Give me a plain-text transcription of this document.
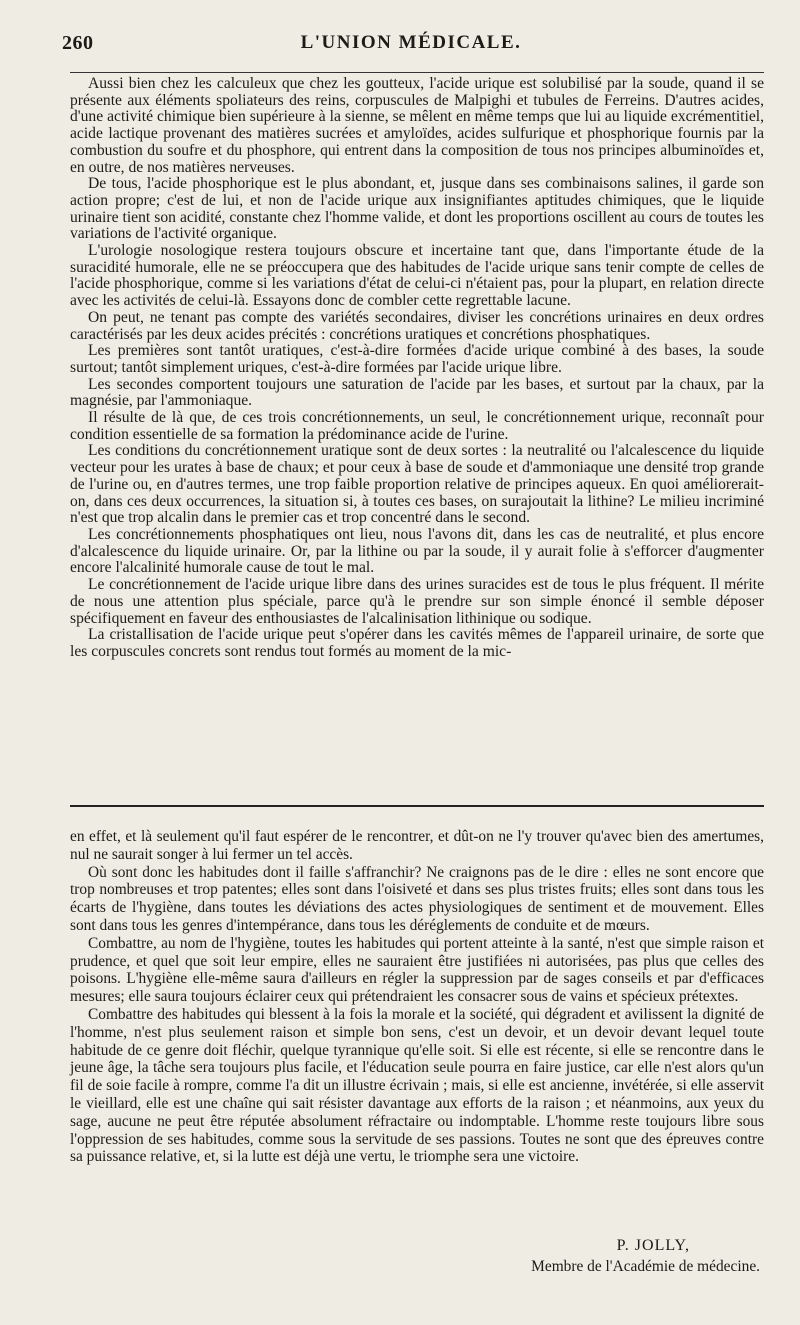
260	L'UNION MÉDICALE.

Aussi bien chez les calculeux que chez les goutteux, l'acide urique est solubilisé par la soude, quand il se présente aux éléments spoliateurs des reins, corpuscules de Malpighi et tubules de Ferreins. D'autres acides, d'une activité chimique bien supérieure à la sienne, se mêlent en même temps que lui au liquide excrémentitiel, acide lactique provenant des matières sucrées et amyloïdes, acides sulfurique et phosphorique fournis par la combustion du soufre et du phosphore, qui entrent dans la composition de tous nos principes albuminoïdes et, en outre, de nos matières nerveuses.

De tous, l'acide phosphorique est le plus abondant, et, jusque dans ses combinaisons salines, il garde son action propre; c'est de lui, et non de l'acide urique aux insignifiantes aptitudes chimiques, que le liquide urinaire tient son acidité, constante chez l'homme valide, et dont les proportions oscillent au cours de toutes les variations de l'activité organique.

L'urologie nosologique restera toujours obscure et incertaine tant que, dans l'importante étude de la suracidité humorale, elle ne se préoccupera que des habitudes de l'acide urique sans tenir compte de celles de l'acide phosphorique, comme si les variations d'état de celui-ci n'étaient pas, pour la plupart, en relation directe avec les activités de celui-là. Essayons donc de combler cette regrettable lacune.

On peut, ne tenant pas compte des variétés secondaires, diviser les concrétions urinaires en deux ordres caractérisés par les deux acides précités : concrétions uratiques et concrétions phosphatiques.

Les premières sont tantôt uratiques, c'est-à-dire formées d'acide urique combiné à des bases, la soude surtout; tantôt simplement uriques, c'est-à-dire formées par l'acide urique libre.

Les secondes comportent toujours une saturation de l'acide par les bases, et surtout par la chaux, par la magnésie, par l'ammoniaque.

Il résulte de là que, de ces trois concrétionnements, un seul, le concrétionnement urique, reconnaît pour condition essentielle de sa formation la prédominance acide de l'urine.

Les conditions du concrétionnement uratique sont de deux sortes : la neutralité ou l'alcalescence du liquide vecteur pour les urates à base de chaux; et pour ceux à base de soude et d'ammoniaque une densité trop grande de l'urine ou, en d'autres termes, une trop faible proportion relative de principes aqueux. En quoi améliorerait-on, dans ces deux occurrences, la situation si, à toutes ces bases, on surajoutait la lithine? Le milieu incriminé n'est que trop alcalin dans le premier cas et trop concentré dans le second.

Les concrétionnements phosphatiques ont lieu, nous l'avons dit, dans les cas de neutralité, et plus encore d'alcalescence du liquide urinaire. Or, par la lithine ou par la soude, il y aurait folie à s'efforcer d'augmenter encore l'alcalinité humorale cause de tout le mal.

Le concrétionnement de l'acide urique libre dans des urines suracides est de tous le plus fréquent. Il mérite de nous une attention plus spéciale, parce qu'à le prendre sur son simple énoncé il semble déposer spécifiquement en faveur des enthousiastes de l'alcalinisation lithinique ou sodique.

La cristallisation de l'acide urique peut s'opérer dans les cavités mêmes de l'appareil urinaire, de sorte que les corpuscules concrets sont rendus tout formés au moment de la mic-

en effet, et là seulement qu'il faut espérer de le rencontrer, et dût-on ne l'y trouver qu'avec bien des amertumes, nul ne saurait songer à lui fermer un tel accès.

Où sont donc les habitudes dont il faille s'affranchir? Ne craignons pas de le dire : elles ne sont encore que trop nombreuses et trop patentes; elles sont dans l'oisiveté et dans ses plus tristes fruits; elles sont dans tous les écarts de l'hygiène, dans toutes les déviations des actes physiologiques de sentiment et de mouvement. Elles sont dans tous les genres d'intempérance, dans tous les déréglements de conduite et de mœurs.

Combattre, au nom de l'hygiène, toutes les habitudes qui portent atteinte à la santé, n'est que simple raison et prudence, et quel que soit leur empire, elles ne sauraient être justifiées ni autorisées, pas plus que celles des poisons. L'hygiène elle-même saura d'ailleurs en régler la suppression par de sages conseils et par d'efficaces mesures; elle saura toujours éclairer ceux qui prétendraient les consacrer sous de vains et spécieux prétextes.

Combattre des habitudes qui blessent à la fois la morale et la société, qui dégradent et avilissent la dignité de l'homme, n'est plus seulement raison et simple bon sens, c'est un devoir, et un devoir devant lequel toute habitude de ce genre doit fléchir, quelque tyrannique qu'elle soit. Si elle est récente, si elle se rencontre dans le jeune âge, la tâche sera toujours plus facile, et l'éducation seule pourra en faire justice, car elle n'est alors qu'un fil de soie facile à rompre, comme l'a dit un illustre écrivain ; mais, si elle est ancienne, invétérée, si elle asservit le vieillard, elle est une chaîne qui sait résister davantage aux efforts de la raison ; et néanmoins, aux yeux du sage, aucune ne peut être réputée absolument réfractaire ou indomptable. L'homme reste toujours libre sous l'oppression de ses habitudes, comme sous la servitude de ses passions. Toutes ne sont que des épreuves contre sa puissance relative, et, si la lutte est déjà une vertu, le triomphe sera une victoire.

P. JOLLY,
Membre de l'Académie de médecine.
